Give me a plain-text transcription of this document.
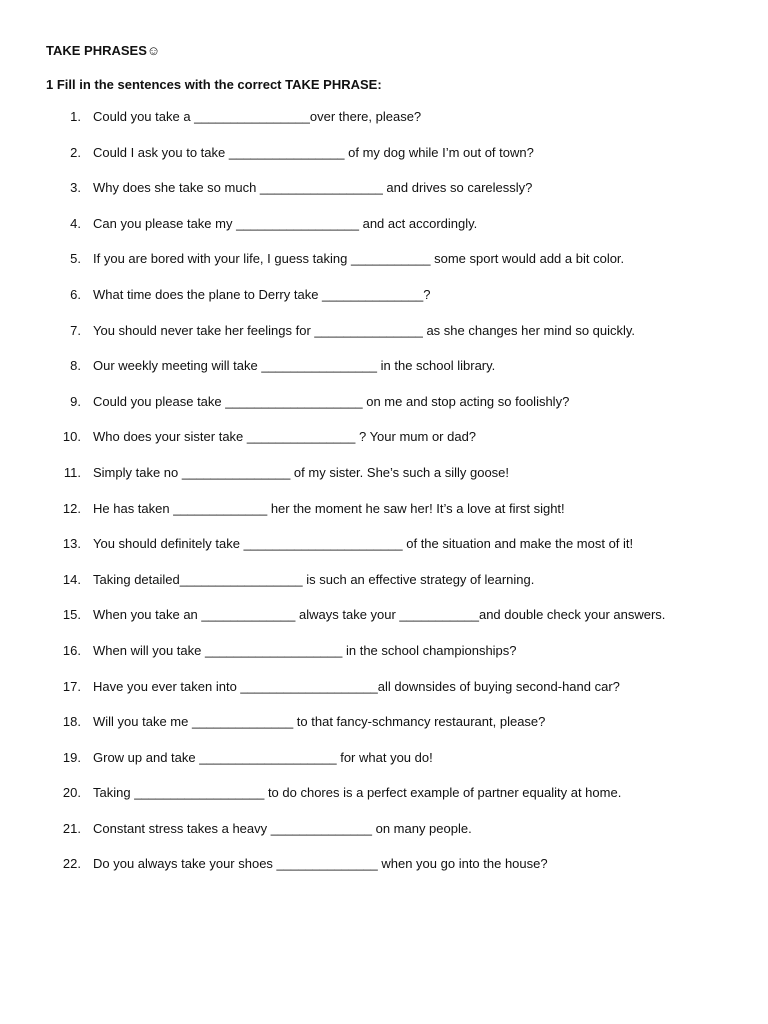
TAKE PHRASES☺
1 Fill in the sentences with the correct TAKE PHRASE:
1. Could you take a ________________over there, please?
2. Could I ask you to take ________________ of my dog while I’m out of town?
3. Why does she take so much _________________ and drives so carelessly?
4. Can you please take my _________________ and act accordingly.
5. If you are bored with your life, I guess taking ___________ some sport would add a bit color.
6. What time does the plane to Derry take ______________?
7. You should never take her feelings for _______________ as she changes her mind so quickly.
8. Our weekly meeting will take ________________ in the school library.
9. Could you please take ___________________ on me and stop acting so foolishly?
10. Who does your sister take _______________ ? Your mum or dad?
11. Simply take no _______________ of my sister. She’s such a silly goose!
12. He has taken _____________ her the moment he saw her! It’s a love at first sight!
13. You should definitely take ______________________ of the situation and make the most of it!
14. Taking detailed_________________ is such an effective strategy of learning.
15. When you take an _____________ always take your ___________and double check your answers.
16. When will you take ___________________ in the school championships?
17. Have you ever taken into ___________________all downsides of buying second-hand car?
18. Will you take me ______________ to that fancy-schmancy restaurant, please?
19. Grow up and take ___________________ for what you do!
20. Taking __________________ to do chores is a perfect example of partner equality at home.
21. Constant stress takes a heavy ______________ on many people.
22. Do you always take your shoes ______________ when you go into the house?
